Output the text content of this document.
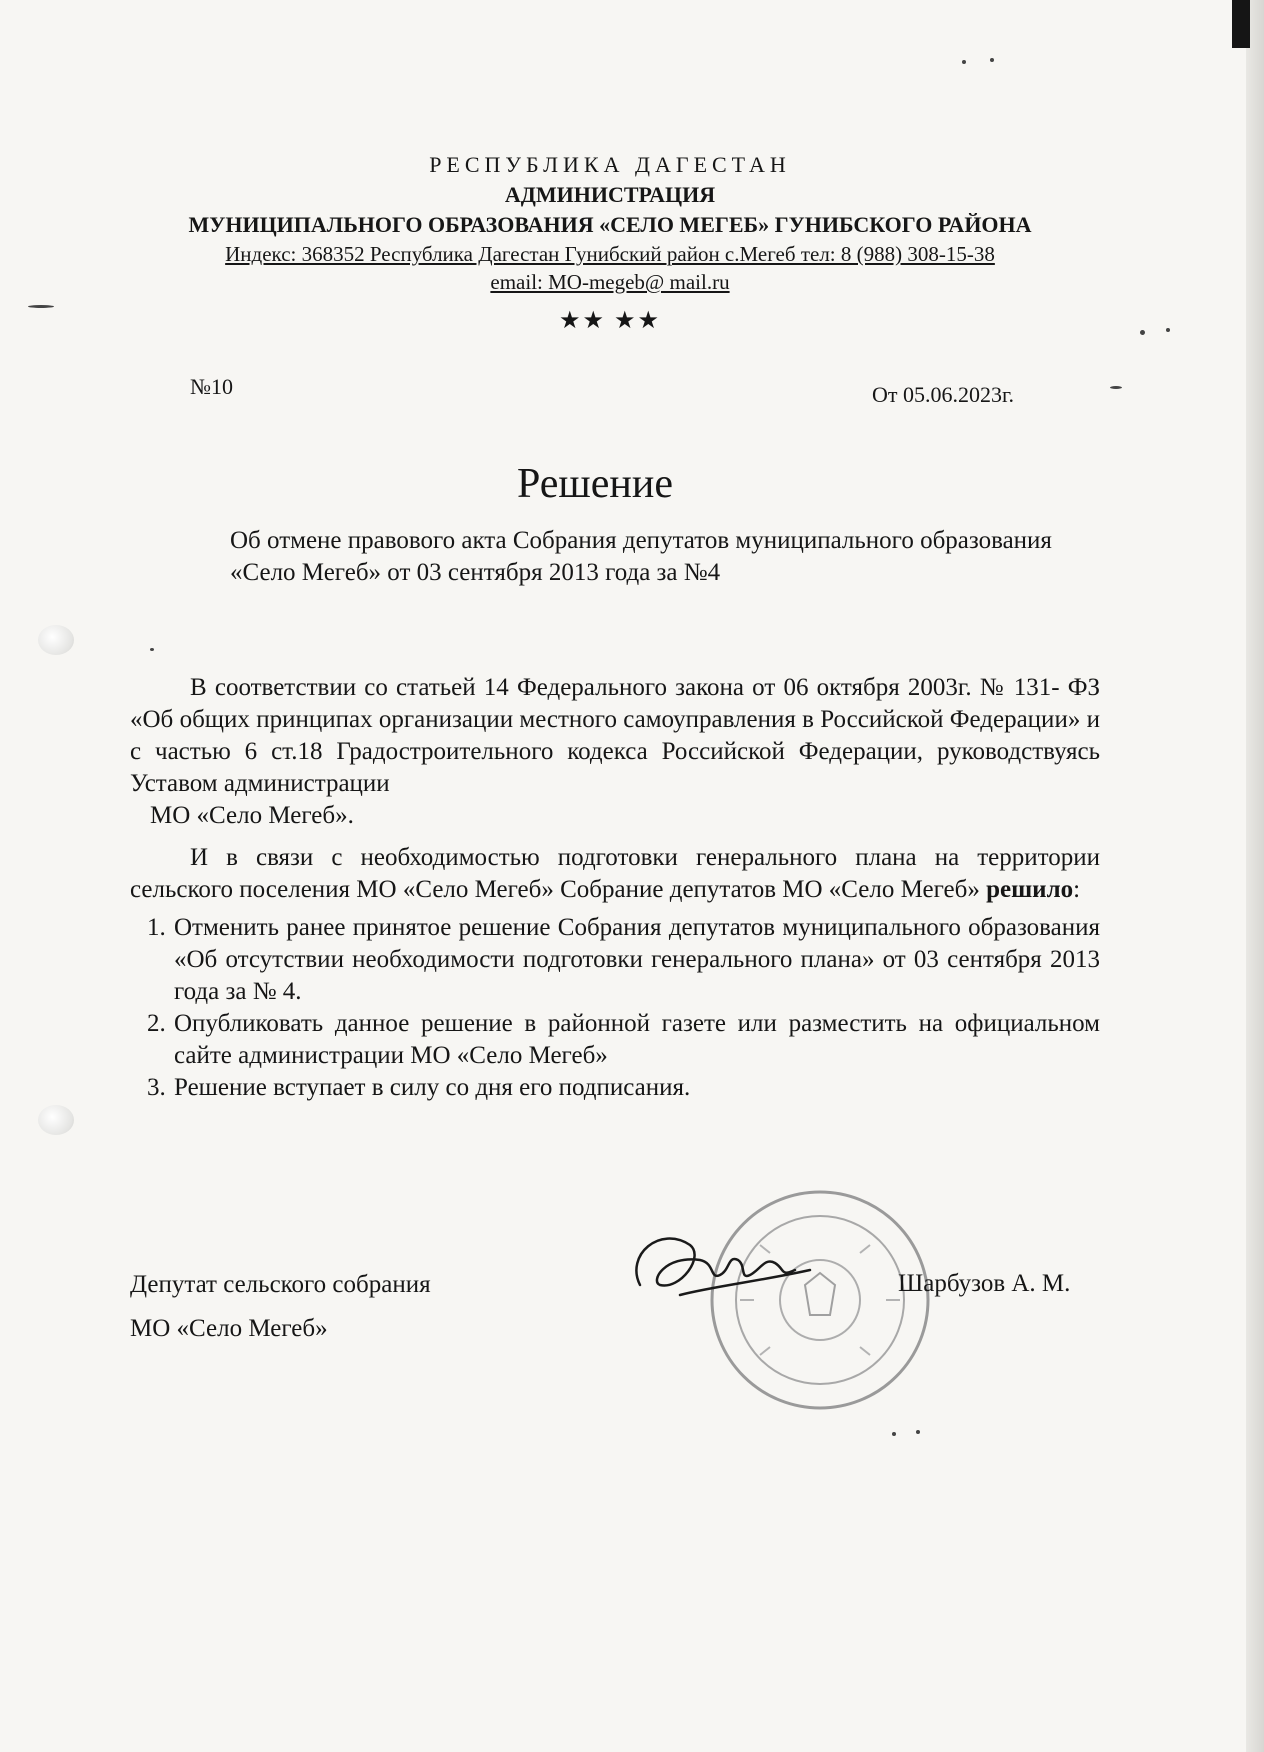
РЕСПУБЛИКА ДАГЕСТАН
АДМИНИСТРАЦИЯ
МУНИЦИПАЛЬНОГО ОБРАЗОВАНИЯ «СЕЛО МЕГЕБ» ГУНИБСКОГО РАЙОНА
Индекс: 368352 Республика Дагестан Гунибский район с.Мегеб тел: 8 (988) 308-15-38
email: MO-megeb@ mail.ru
★★ ★★
№10	От 05.06.2023г.
Решение
Об отмене правового акта Собрания депутатов муниципального образования «Село Мегеб» от 03 сентября 2013 года за №4

В соответствии со статьей 14 Федерального закона от 06 октября 2003г. № 131- ФЗ «Об общих принципах организации местного самоуправления в Российской Федерации» и с частью 6 ст.18 Градостроительного кодекса Российской Федерации, руководствуясь Уставом администрации

МО «Село Мегеб».

И в связи с необходимостью подготовки генерального плана на территории сельского поселения МО «Село Мегеб» Собрание депутатов МО «Село Мегеб» решило:

1. Отменить ранее принятое решение Собрания депутатов муниципального образования «Об отсутствии необходимости подготовки генерального плана» от 03 сентября 2013 года за № 4.
2. Опубликовать данное решение в районной газете или разместить на официальном сайте администрации МО «Село Мегеб»
3. Решение вступает в силу со дня его подписания.
Депутат сельского собрания
МО «Село Мегеб»
Шарбузов А. М.
